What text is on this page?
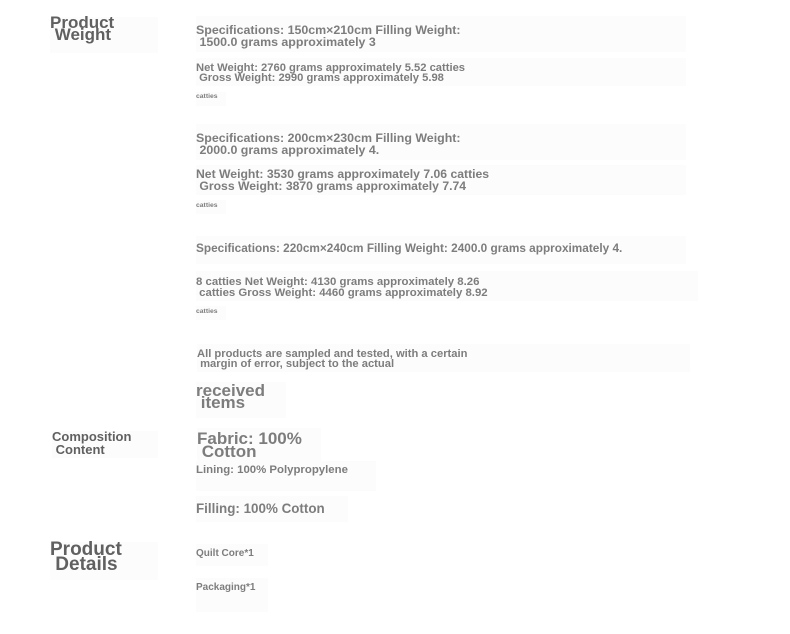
Product
Weight
Composition
Content
Product
Details
Specifications: 150cm×210cm Filling Weight:
1500.0 grams approximately 3
Net Weight: 2760 grams approximately 5.52 catties
Gross Weight: 2990 grams approximately 5.98
catties
Specifications: 200cm×230cm Filling Weight:
2000.0 grams approximately 4.
Net Weight: 3530 grams approximately 7.06 catties
Gross Weight: 3870 grams approximately 7.74
catties
Specifications: 220cm×240cm Filling Weight: 2400.0 grams approximately 4.
8 catties Net Weight: 4130 grams approximately 8.26
catties Gross Weight: 4460 grams approximately 8.92
catties
All products are sampled and tested, with a certain
margin of error, subject to the actual
received
items
Fabric: 100%
Cotton
Lining: 100% Polypropylene
Filling: 100% Cotton
Quilt Core*1
Packaging*1
